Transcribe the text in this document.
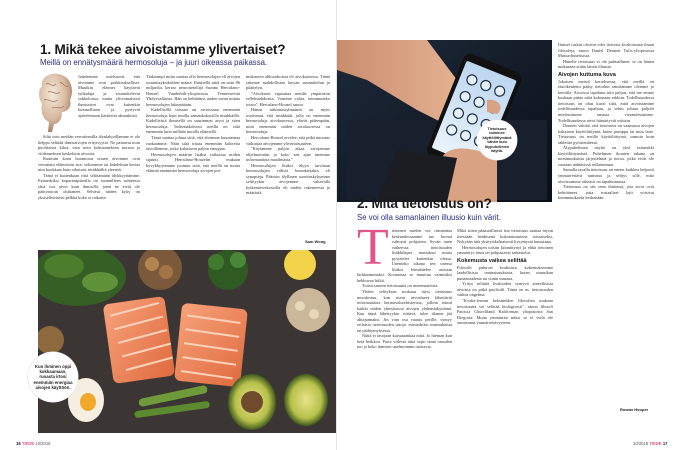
1. Mikä tekee aivoistamme ylivertaiset?
Meillä on ennätysmäärä hermosoluja – ja juuri oikeassa paikassa.

Jattelemme mielsuosti, että aivomme ovat poikkeukselliset. Muutkin eläimet käyttävät työkaluja ja suunnittelevat sokkeloissa, mutta ylivoimaisesti ihmisaivot ovat kuitenkin luonnollinen ja pystyvät ajattelemaan käsitteitä abstraktisti.

Siltä osin meidän verrattomilla älynlahjoillamme ei ole helppo selittää ihmisaivojen erityisyyttä. Ne painavat noin puolitoista kiloa, vain noin kolmanneksen norsun ja viidenneksen kaskelotin aivoista.

Ruumiin koon huomioon ottaen aivomme ovat verrattain eläimistön isot: selisemme tai kahdeksan kertaa niin kookkaat kuin odottaisi nisäkkäiltä yleensä.

Tämä ei kuitenkaan riitä selittämään älykkyyttämme. Esimerkiksi kapucinapinoilla on suunnilleen suhteessa yhtä isot aivot kuin ihmisillä, joten ne eivät ole päinvastoin ohittaneet. Selvästi niiden kyky on yksiselitteisesti pelkkä koko ei ratkaise.

Tärkeämpi mitta saattaa olla hermosolujen eli aivojen toimintayksiköiden määrä. Ihmisellä niitä on noin 86 miljardia, kertoo neurotieteilijä Suzana Herculano-Houzel Vanderbilt-yliopistosta Tennesseestä Yhdysvalloista. Hän on kehittänyt uuden tavan mitata hermosolujen lukumäärän.

Kädellisillä toisaan on aivoissaan enemmän hermosoluja kuin muilla samankokoisilla nisäkkäillä. Kädellisistä ihmisellä on suurimmat aivot ja siten hermosoluja. Todennäköisesti meillä on siitä enemmän kuin millään muulla eläimellä.

Tämä saattaa johtua siitä, että aloimme kuumentaa ruokaamme. Näin siitä irtoaa enemmän kaloreita aivoillemme, jotka kuluttavat paljon energiaa.

Hermosolujen määrän lisäksi vaikuttaa niiden sijainti. Herculano-Houzelin mukaan kyvykkyytemme juontuu siitä, että meillä on muita eläimiä enemmän hermosoluja aivojen poi-

mukuoren alikuorkoissa eli aivokuoressa. Tämä rakenne mahdollistaa luovan suunnittelun ja päättelyn.

"Aivokuori vapauttaa meidät ympäristön refleksiehdoista. Voimme valita, toimimmeko toisin", Herculano-Houzel sanoo.

Hänen tutkimusryhmänsä on myös osoittanut, että nisäkkäät, jolla on enemmän hermosoluja aivokuoressa, elävät pidempään, mitä enemmän niiden aivokuoressa on hermosoluja.

Herculano-Houzel arvelee, että pitkä nuoruus vaikuttaa aivojemme ylivertaisuuteen.

"Käytämme paljon aikaa aivojemme ohjelmointiin ja koko sen ajan imemme informaatiota maailmasta."

Hermosolujen lisäksi älyyn tarvitaan hermosolujen välisiä kontaktejakin eli synapseja. Pääosin älyllinen suorituskykymme selittyykin aivojemme valtavalla kytkentäverkostolla eli niiden rakenteesta ja määrästä.

Sam Wong
Kun ihminen oppi kokkaamaan, ruoasta irtosi enemmän energiaa aivojen käyttöön.
16 TIEDE 10/2018
Tietoisuus toiminee käyttöliittymänä vähän kuin älypuhelimen näyttö.
2. Mitä tietoisuus on?
Se voi olla samanlainen illuusio kuin värit.

Tietoinen mielen voi ritmanttaa keskuudessamme tuo luonut vahvasti pohjointa. Syvän unen vaiheessa tietoisuuden lisäkkiläpes mastakasi mutta pysyttelee kuitenkin olessa. Unenteko aikana sen unessa lisäksi leimahtelee aiottain kirkkaammaksi. Koomassa se muuttuu vaimeaksi hehkuvaa hiiltä.

Toisin sanoen tietoisuutta on monenasteista.

Yhden selityksen mukaan täysi tietoisuus muodostuu, kun useat aivoalueet lähettävät informaatiota hermosolurekisterista, jolloin toimii kaikki niiden yhteyksissä aivojen yhdensäikyttämä. Kun tämä lähettyykin riittävä, tulee tilanne jää alitajunnaksi. Jos vain osa vaatuu perille, syntyy erilaisia tietoisuuden tasoja. esimerkiksi unenaikaisia tai päihtymyksessä.

Näitä ei tasojaan kutsutaankaa niitä. Jo hieman kun ketä heikkoa. Paria viilestä niitä sopii tämä osuuden tuo ja koko ihmisen unelmoinnin tuottavat.

Mikä sitten pääasiallisesti itse tietoisuus saattaa täysin itsessään henkisenä kokonaisuutena toistaiseksi, Nykyään tätä yksityiskohtaisesti kysymystä kutsutaan.

Hermosolujen toisiin kiinnittynyt ja ehkä tietoinen ymmärrys tässä on pohjustavat tarkastelut.

Kokemusta vaikea selittää

Filosofit puhuvat kvalioista, kokemuksemme laadullisista ominaisuuksista, kuten mansikan punaisuudesta tai viinin maussa.

Yritys selittää kvalioiden syntyvä aineellisista aivoista on pitkä puoliväli. Tämä on ns. tietoisuuden vaikea ongelma.

"Kvalia-termin keksineiden filosofien mukaan tietoisuutta voi selittää biologisesti", sanoo filosofi Patricia Churchland Kalifornian yliopistosta San Diegosta. Mutta ymmärrän miksi se ei vielä ole onnistunut ymmärrettävyyteen.

Ilmiset tuskin olisivat edes tietoisia kvalioistaan ilman filosofeja, sanoo Daniel Dennett Tufts-yliopistosta Massachusettsista.

Hänelle tietoisuus ei ole pulmallinen: se on hänen mukaansa erään laisen illuusio.

Aivojen kuttuma kuva

Jokaisen meistä kerroksessa, että meillä on etuoikeutettu pääsy tietoihin omistamme olemme jo kerralla. Aivoissa tapahtuu niin paljon, että me emme koskaan pääse niitä kokonaan erkkiin. Todellisuudessa tietoisuus on ohut kuori siitä, mitä aivoissamme todellisuudessa tapahtuu, ja sekin johtuu paljolti mielessämme omasta vieraudestamme. Todellisuudessa aivot hämärtyvät osittain.

Dennett väittää, että tietoisuus on vaamassa aivojen kaltainen käyttöliittymä, kuten pumppu tai muu laite. Tietoisuus on meille käyttöliittymä, samoin kuin tablettia pyöritettäessä.

Älypuhelimen näyttö on yksi esimerkki käyttöliittymästä. Puhelimen ikonien takana on monimutkaisia järjestelmiä ja tietoa, jotka eivät ole suoraan nähtävissä sellaisenaan.

Samalla tavalla tietoisuus on ennen kaikkea helposti ymmärrettävä tuntuma ja selitys sille, mitä aivoissamme oikeasti on tapahtumassa.

Tietoisuus on siis oma ilmiönsä, jota aivot ovat kehittäneet, jotta sosiaaliset lajit voisivat kommunikoida keskenään.

Rowan Hooper
10/2018 TIEDE 17
